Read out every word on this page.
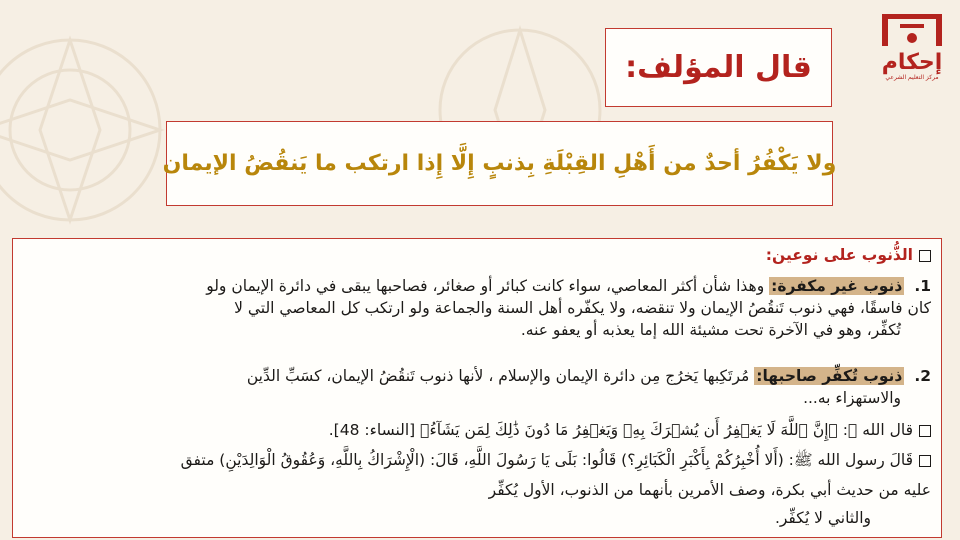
إحكام
مركز التعليم الشرعي
قال المؤلف:
ولا يَكْفُرُ أحدٌ من أَهْلِ القِبْلَةِ بِذنبٍ إِلَّا إِذا ارتكب ما يَنقُضُ الإيمان
الذُّنوب على نوعين:
1.ذنوب غير مكفرة: وهذا شأن أكثر المعاصي، سواء كانت كبائر أو صغائر، فصاحبها يبقى في دائرة الإيمان ولو
كان فاسقًا، فهي ذنوب تَنقُصُ الإيمان ولا تنقضه، ولا يكفّره أهل السنة والجماعة ولو ارتكب كل المعاصي التي لا
تُكفِّر، وهو في الآخرة تحت مشيئة الله إما يعذبه أو يعفو عنه.
2.ذنوب تُكفِّر صاحبها: مُرتَكِبها يَخرُج مِن دائرة الإيمان والإسلام ، لأنها ذنوب تَنقُضُ الإيمان، كسَبِّ الدِّين
والاستهزاء به...
قال الله ﷻ: ﴿إِنَّ ٱللَّهَ لَا يَغۡفِرُ أَن يُشۡرَكَ بِهِۦ وَيَغۡفِرُ مَا دُونَ ذَٰلِكَ لِمَن يَشَآءُ﴾ [النساء: 48].
قَالَ رسول الله ﷺ: (أَلا أُخْبِرُكُمْ بِأَكْبَرِ الْكَبَائِرِ؟) قَالُوا: بَلَى يَا رَسُولَ اللَّهِ، قَالَ: (الْإِشْرَاكُ بِاللَّهِ، وَعُقُوقُ الْوَالِدَيْنِ) متفق
عليه من حديث أبي بكرة، وصف الأمرين بأنهما من الذنوب، الأول يُكفِّر
والثاني لا يُكفِّر.
